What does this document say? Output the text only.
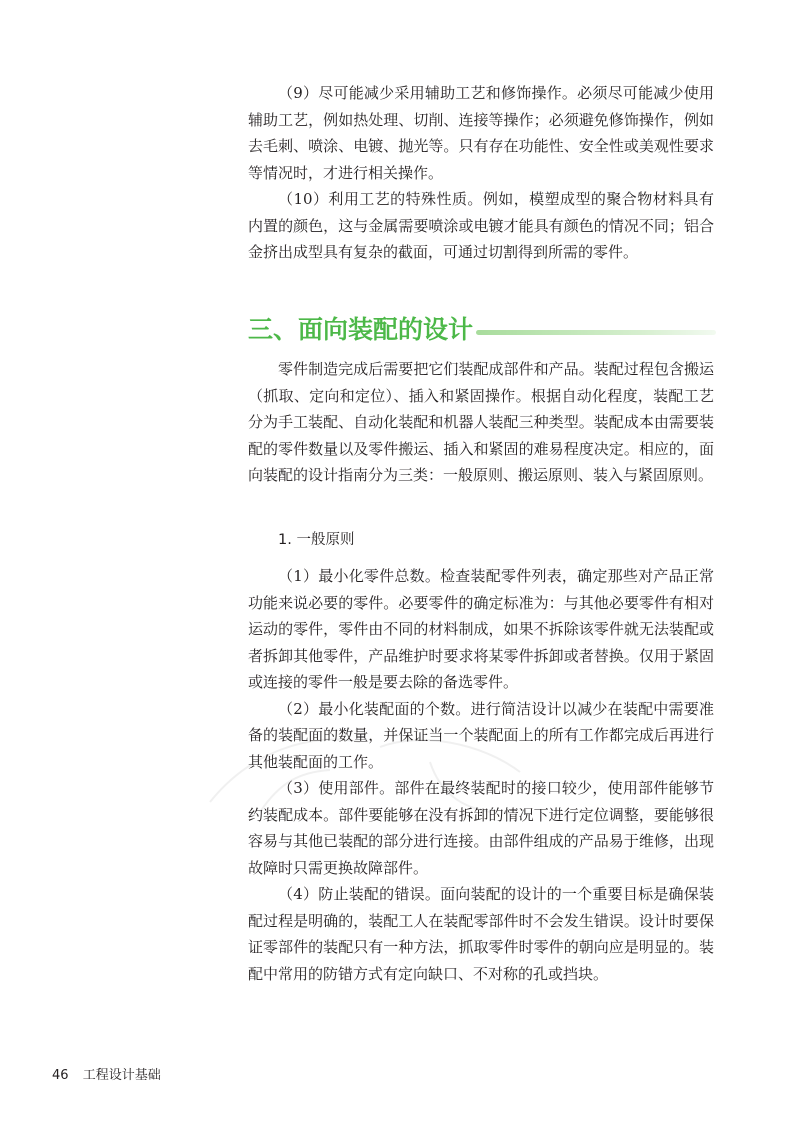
（9）尽可能减少采用辅助工艺和修饰操作。必须尽可能减少使用辅助工艺，例如热处理、切削、连接等操作；必须避免修饰操作，例如去毛刺、喷涂、电镀、抛光等。只有存在功能性、安全性或美观性要求等情况时，才进行相关操作。

（10）利用工艺的特殊性质。例如，模塑成型的聚合物材料具有内置的颜色，这与金属需要喷涂或电镀才能具有颜色的情况不同；铝合金挤出成型具有复杂的截面，可通过切割得到所需的零件。

三、面向装配的设计

零件制造完成后需要把它们装配成部件和产品。装配过程包含搬运（抓取、定向和定位）、插入和紧固操作。根据自动化程度，装配工艺分为手工装配、自动化装配和机器人装配三种类型。装配成本由需要装配的零件数量以及零件搬运、插入和紧固的难易程度决定。相应的，面向装配的设计指南分为三类：一般原则、搬运原则、装入与紧固原则。

1. 一般原则

（1）最小化零件总数。检查装配零件列表，确定那些对产品正常功能来说必要的零件。必要零件的确定标准为：与其他必要零件有相对运动的零件，零件由不同的材料制成，如果不拆除该零件就无法装配或者拆卸其他零件，产品维护时要求将某零件拆卸或者替换。仅用于紧固或连接的零件一般是要去除的备选零件。

（2）最小化装配面的个数。进行简洁设计以减少在装配中需要准备的装配面的数量，并保证当一个装配面上的所有工作都完成后再进行其他装配面的工作。

（3）使用部件。部件在最终装配时的接口较少，使用部件能够节约装配成本。部件要能够在没有拆卸的情况下进行定位调整，要能够很容易与其他已装配的部分进行连接。由部件组成的产品易于维修，出现故障时只需更换故障部件。

（4）防止装配的错误。面向装配的设计的一个重要目标是确保装配过程是明确的，装配工人在装配零部件时不会发生错误。设计时要保证零部件的装配只有一种方法，抓取零件时零件的朝向应是明显的。装配中常用的防错方式有定向缺口、不对称的孔或挡块。

46 工程设计基础
